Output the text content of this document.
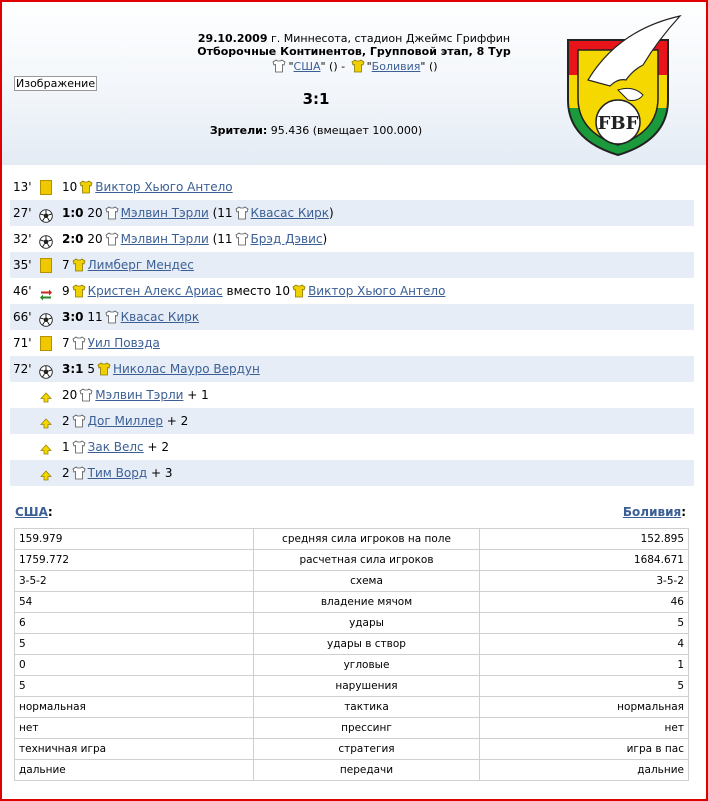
29.10.2009 г. Миннесота, стадион Джеймс Гриффин
Отборочные Континентов, Групповой этап, 8 Тур
"США" () - "Боливия" ()
Изображение
3:1
Зрители: 95.436 (вмещает 100.000)	FBF
13'	10 Виктор Хьюго Антело
27'	1:0 20 Мэлвин Тэрли (11 Квасас Кирк)
32'	2:0 20 Мэлвин Тэрли (11 Брэд Дэвис)
35'	7 Лимберг Мендес
46'	9 Кристен Алекс Ариас вместо 10 Виктор Хьюго Антело
66'	3:0 11 Квасас Кирк
71'	7 Уил Повэда
72'	3:1 5 Николас Мауро Вердун
20 Мэлвин Тэрли + 1
2 Дог Миллер + 2
1 Зак Велс + 2
2 Тим Ворд + 3
США:	Боливия:
159.979	средняя сила игроков на поле	152.895
1759.772	расчетная сила игроков	1684.671
3-5-2	схема	3-5-2
54	владение мячом	46
6	удары	5
5	удары в створ	4
0	угловые	1
5	нарушения	5
нормальная	тактика	нормальная
нет	прессинг	нет
техничная игра	стратегия	игра в пас
дальние	передачи	дальние
